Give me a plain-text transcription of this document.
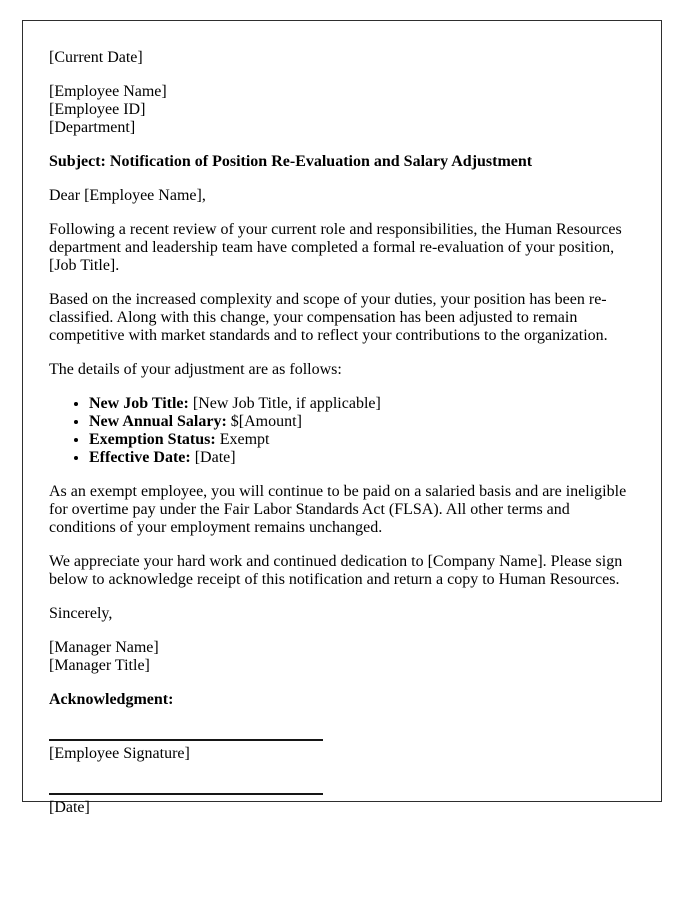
[Current Date]

[Employee Name]
[Employee ID]
[Department]

Subject: Notification of Position Re-Evaluation and Salary Adjustment

Dear [Employee Name],

Following a recent review of your current role and responsibilities, the Human Resources department and leadership team have completed a formal re-evaluation of your position, [Job Title].

Based on the increased complexity and scope of your duties, your position has been re-classified. Along with this change, your compensation has been adjusted to remain competitive with market standards and to reflect your contributions to the organization.

The details of your adjustment are as follows:

• New Job Title: [New Job Title, if applicable]
• New Annual Salary: $[Amount]
• Exemption Status: Exempt
• Effective Date: [Date]

As an exempt employee, you will continue to be paid on a salaried basis and are ineligible for overtime pay under the Fair Labor Standards Act (FLSA). All other terms and conditions of your employment remains unchanged.

We appreciate your hard work and continued dedication to [Company Name]. Please sign below to acknowledge receipt of this notification and return a copy to Human Resources.

Sincerely,

[Manager Name]
[Manager Title]

Acknowledgment:

[Employee Signature]
[Date]
